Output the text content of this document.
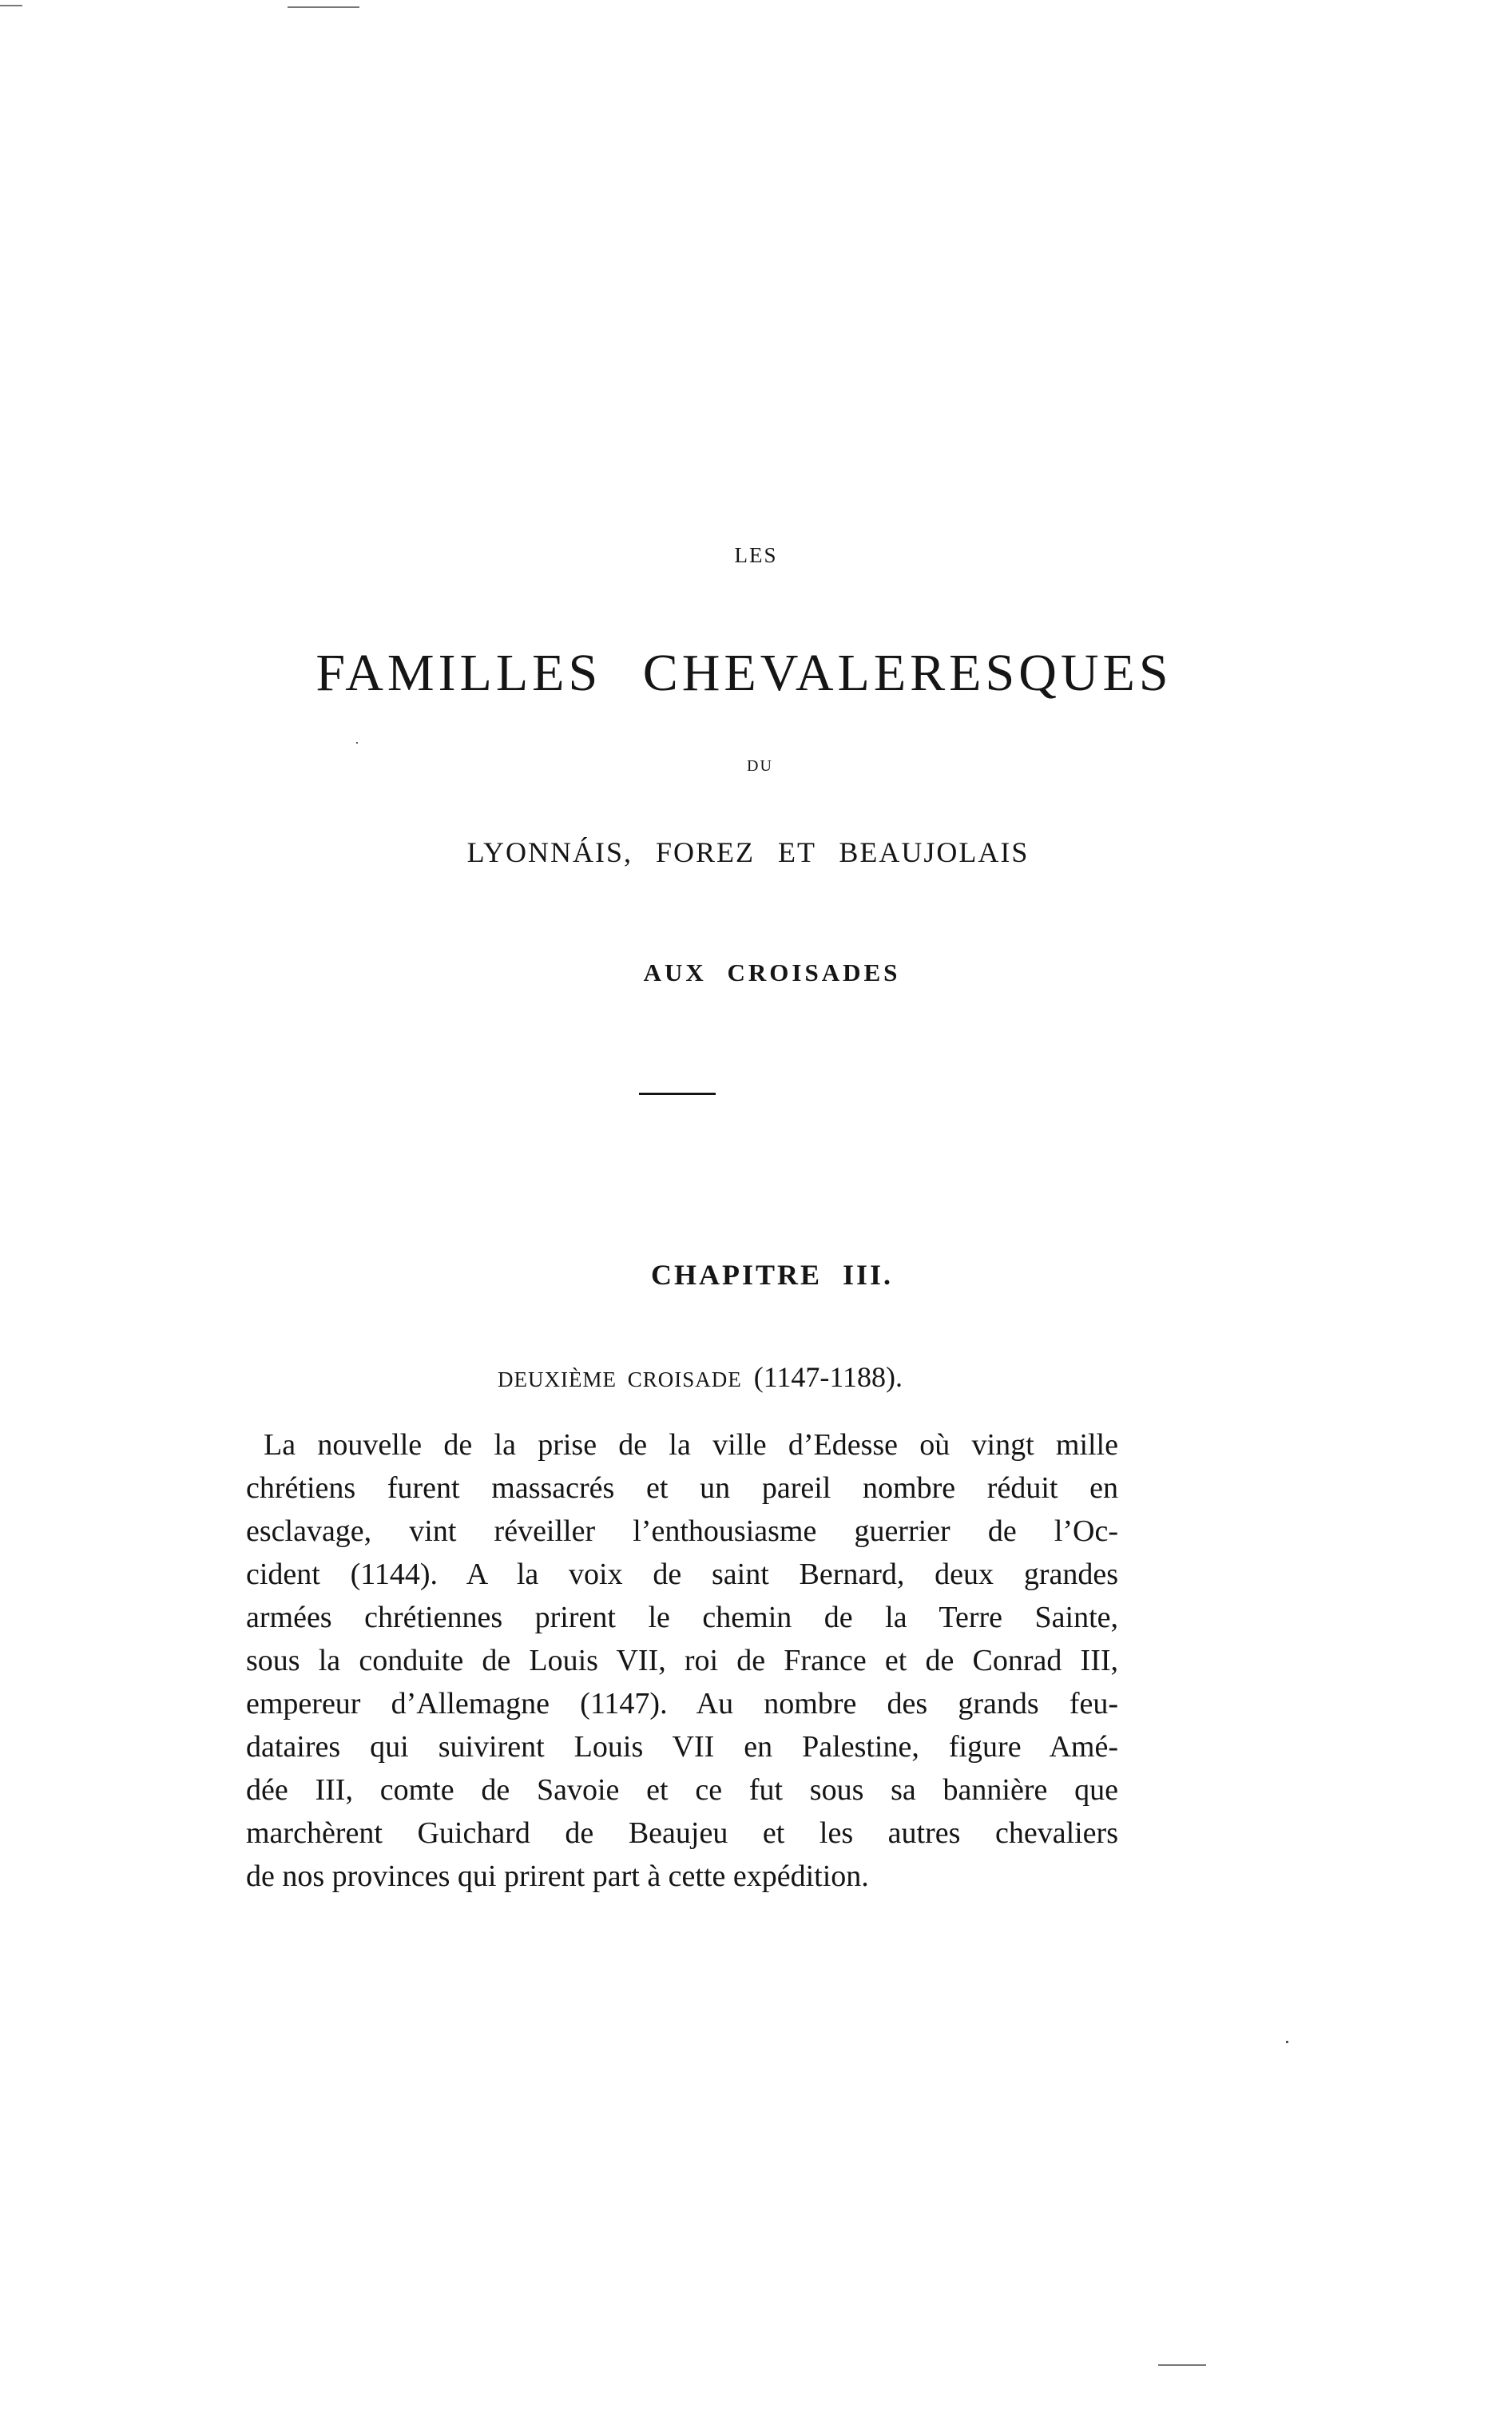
LES
FAMILLES CHEVALERESQUES
DU
LYONNÁIS, FOREZ ET BEAUJOLAIS
AUX CROISADES
CHAPITRE III.
DEUXIÈME CROISADE (1147-1188).
La nouvelle de la prise de la ville d’Edesse où vingt mille
chrétiens furent massacrés et un pareil nombre réduit en
esclavage, vint réveiller l’enthousiasme guerrier de l’Oc-
cident (1144). A la voix de saint Bernard, deux grandes
armées chrétiennes prirent le chemin de la Terre Sainte,
sous la conduite de Louis VII, roi de France et de Conrad III,
empereur d’Allemagne (1147). Au nombre des grands feu-
dataires qui suivirent Louis VII en Palestine, figure Amé-
dée III, comte de Savoie et ce fut sous sa bannière que
marchèrent Guichard de Beaujeu et les autres chevaliers
de nos provinces qui prirent part à cette expédition.
